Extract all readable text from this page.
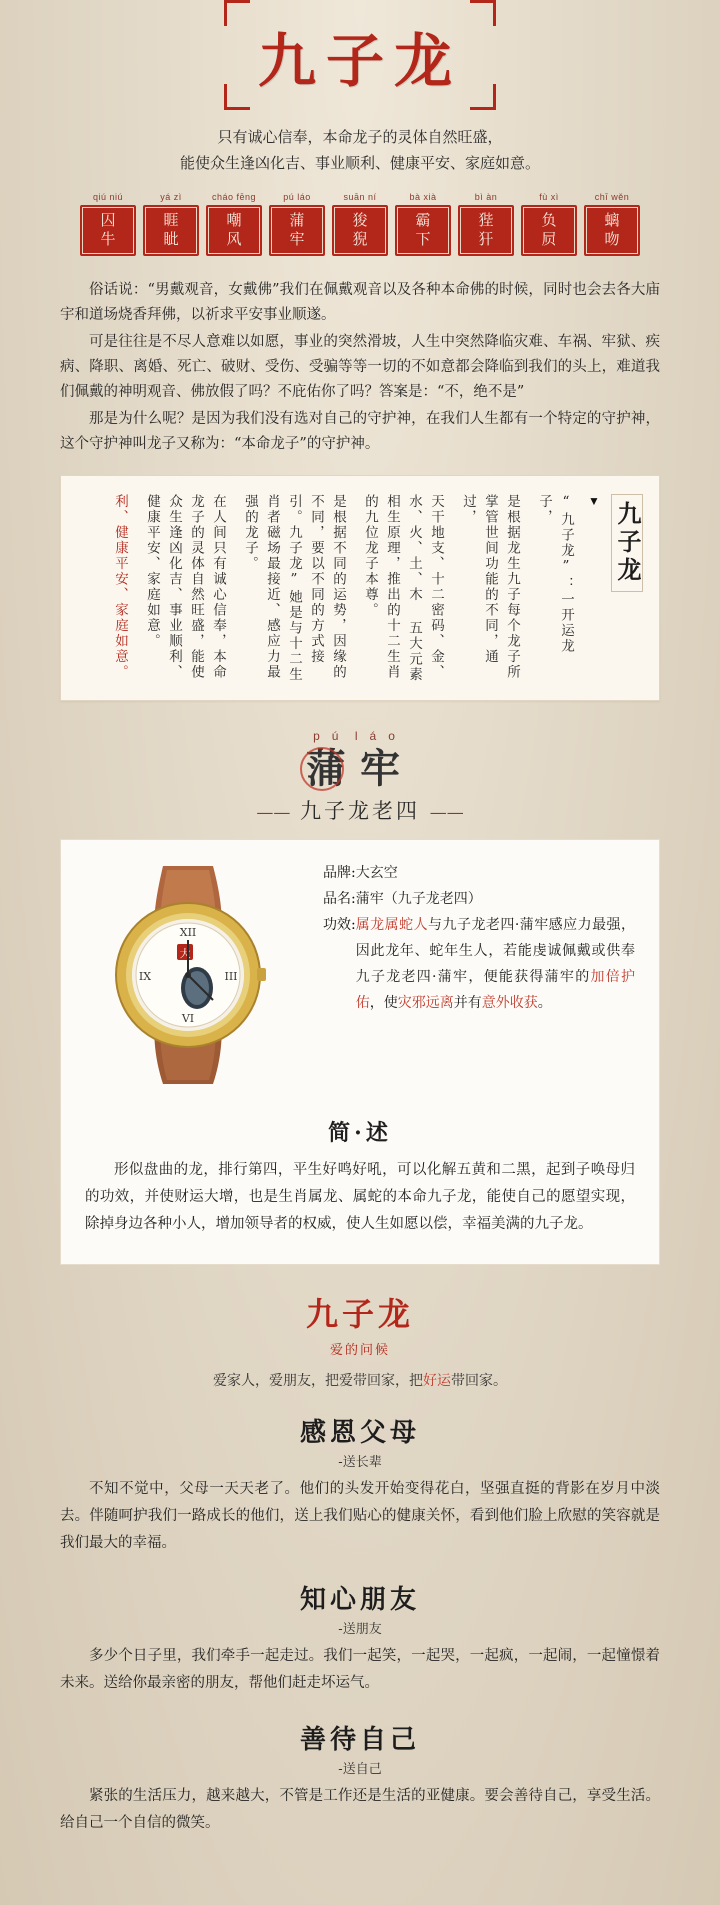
九子龙
只有诚心信奉，本命龙子的灵体自然旺盛，
能使众生逢凶化吉、事业顺利、健康平安、家庭如意。
qiú niú
囚
牛
yá zì
睚
眦
cháo fēng
嘲
风
pú láo
蒲
牢
suān ní
狻
猊
bà xià
霸
下
bì àn
狴
犴
fù xì
负
屃
chī wěn
螭
吻

俗话说：“男戴观音，女戴佛”我们在佩戴观音以及各种本命佛的时候，同时也会去各大庙宇和道场烧香拜佛，以祈求平安事业顺遂。

可是往往是不尽人意难以如愿，事业的突然滑坡，人生中突然降临灾难、车祸、牢狱、疾病、降职、离婚、死亡、破财、受伤、受骗等等一切的不如意都会降临到我们的头上，难道我们佩戴的神明观音、佛放假了吗？不庇佑你了吗？答案是：“不，绝不是”

那是为什么呢？是因为我们没有选对自己的守护神，在我们人生都有一个特定的守护神，这个守护神叫龙子又称为：“本命龙子”的守护神。

九子龙
▼
“九子龙”：一开运龙子，
是根据龙生九子每个龙子所掌管世间功能的不同，通过，
天干地支、十二密码、金、水、火、土、木 五大元素相生原理，推出的十二生肖的九位龙子本尊。
是根据不同的运势，因缘的不同，要以不同的方式接引。九子龙”她是与十二生肖者磁场最接近、感应力最强的龙子。
在人间只有诚心信奉，本命龙子的灵体自然旺盛，能使众生逢凶化吉、事业顺利、健康平安、家庭如意。
利、健康平安、家庭如意。
pú láo
蒲牢
—— 九子龙老四 ——
XII
III
VI
IX
大
品牌: 大玄空
品名: 蒲牢（九子龙老四）
功效: 属龙属蛇人与九子龙老四·蒲牢感应力最强，因此龙年、蛇年生人，若能虔诚佩戴或供奉九子龙老四·蒲牢，便能获得蒲牢的加倍护佑，使灾邪远离并有意外收获。
简·述

形似盘曲的龙，排行第四，平生好鸣好吼，可以化解五黄和二黑，起到子唤母归的功效，并使财运大增，也是生肖属龙、属蛇的本命九子龙，能使自己的愿望实现，除掉身边各种小人，增加领导者的权威，使人生如愿以偿，幸福美满的九子龙。

九子龙
爱的问候
爱家人，爱朋友，把爱带回家，把好运带回家。
感恩父母
-送长辈

不知不觉中，父母一天天老了。他们的头发开始变得花白，坚强直挺的背影在岁月中淡去。伴随呵护我们一路成长的他们，送上我们贴心的健康关怀，看到他们脸上欣慰的笑容就是我们最大的幸福。

知心朋友
-送朋友

多少个日子里，我们牵手一起走过。我们一起笑，一起哭，一起疯，一起闹，一起憧憬着未来。送给你最亲密的朋友，帮他们赶走坏运气。

善待自己
-送自己

紧张的生活压力，越来越大，不管是工作还是生活的亚健康。要会善待自己，享受生活。给自己一个自信的微笑。
